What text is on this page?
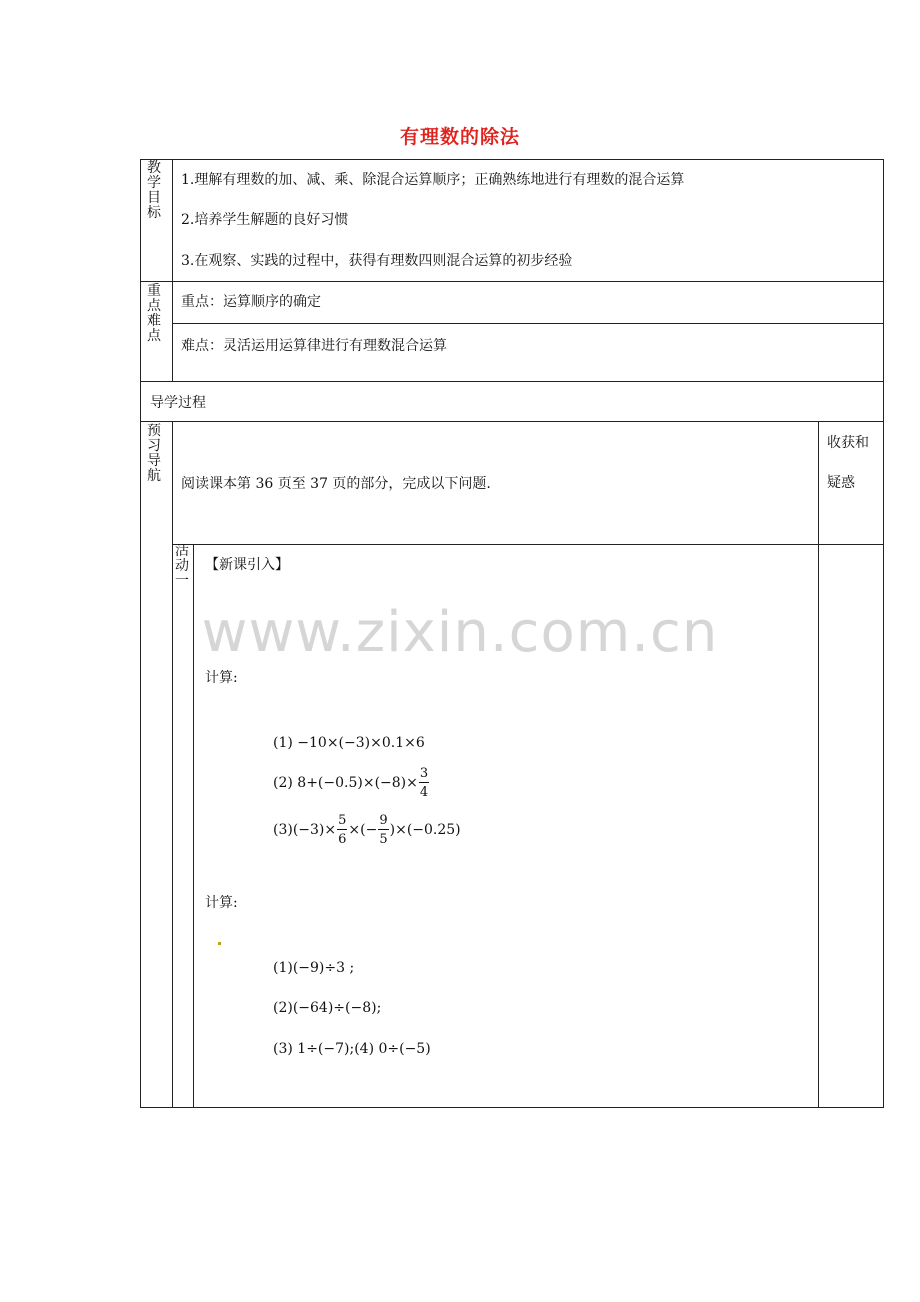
有理数的除法
教学目标
1.理解有理数的加、减、乘、除混合运算顺序；正确熟练地进行有理数的混合运算
2.培养学生解题的良好习惯
3.在观察、实践的过程中，获得有理数四则混合运算的初步经验
重点难点
重点：运算顺序的确定
难点：灵活运用运算律进行有理数混合运算
导学过程
预习导航 阅读课本第 36 页至 37 页的部分，完成以下问题.
收获和
疑惑
活动一
【新课引入】
www.zixin.com.cn
计算:
(1) −10×(−3)×0.1×6
(2) $8+(-0.5)\times(-8)\times \frac{3}{4}$
$(3)(-3)\times \frac{5}{6}$ ×(− $\frac{9}{5} )\times(-0.25)$
计算:
(1)(−9)÷3 ;
(2)(−64)÷(−8);
(3) 1÷(−7);(4) 0÷(−5)
